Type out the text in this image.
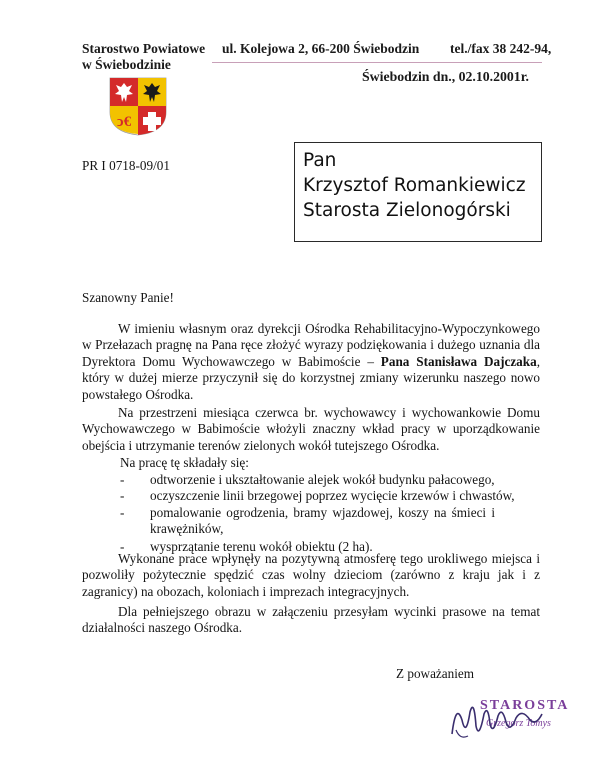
Starostwo Powiatowe
w Świebodzinie
ul. Kolejowa 2, 66-200 Świebodzin tel./fax 38 242-94,
Świebodzin dn., 02.10.2001r.
ↄ€
PR I 0718-09/01	Pan
Krzysztof Romankiewicz
Starosta Zielonogórski
Szanowny Panie!
W imieniu własnym oraz dyrekcji Ośrodka Rehabilitacyjno-Wypoczynkowego w Przełazach pragnę na Pana ręce złożyć wyrazy podziękowania i dużego uznania dla Dyrektora Domu Wychowawczego w Babimoście – Pana Stanisława Dajczaka, który w dużej mierze przyczynił się do korzystnej zmiany wizerunku naszego nowo powstałego Ośrodka.
Na przestrzeni miesiąca czerwca br. wychowawcy i wychowankowie Domu Wychowawczego w Babimoście włożyli znaczny wkład pracy w uporządkowanie obejścia i utrzymanie terenów zielonych wokół tutejszego Ośrodka.
Na pracę tę składały się:
- odtworzenie i ukształtowanie alejek wokół budynku pałacowego,
- oczyszczenie linii brzegowej poprzez wycięcie krzewów i chwastów,
- pomalowanie ogrodzenia, bramy wjazdowej, koszy na śmieci i krawężników,
- wysprzątanie terenu wokół obiektu (2 ha).
Wykonane prace wpłynęły na pozytywną atmosferę tego urokliwego miejsca i pozwoliły pożytecznie spędzić czas wolny dzieciom (zarówno z kraju jak i z zagranicy) na obozach, koloniach i imprezach integracyjnych.
Dla pełniejszego obrazu w załączeniu przesyłam wycinki prasowe na temat działalności naszego Ośrodka.
Z poważaniem
STAROSTA
Grzegorz Tomys
